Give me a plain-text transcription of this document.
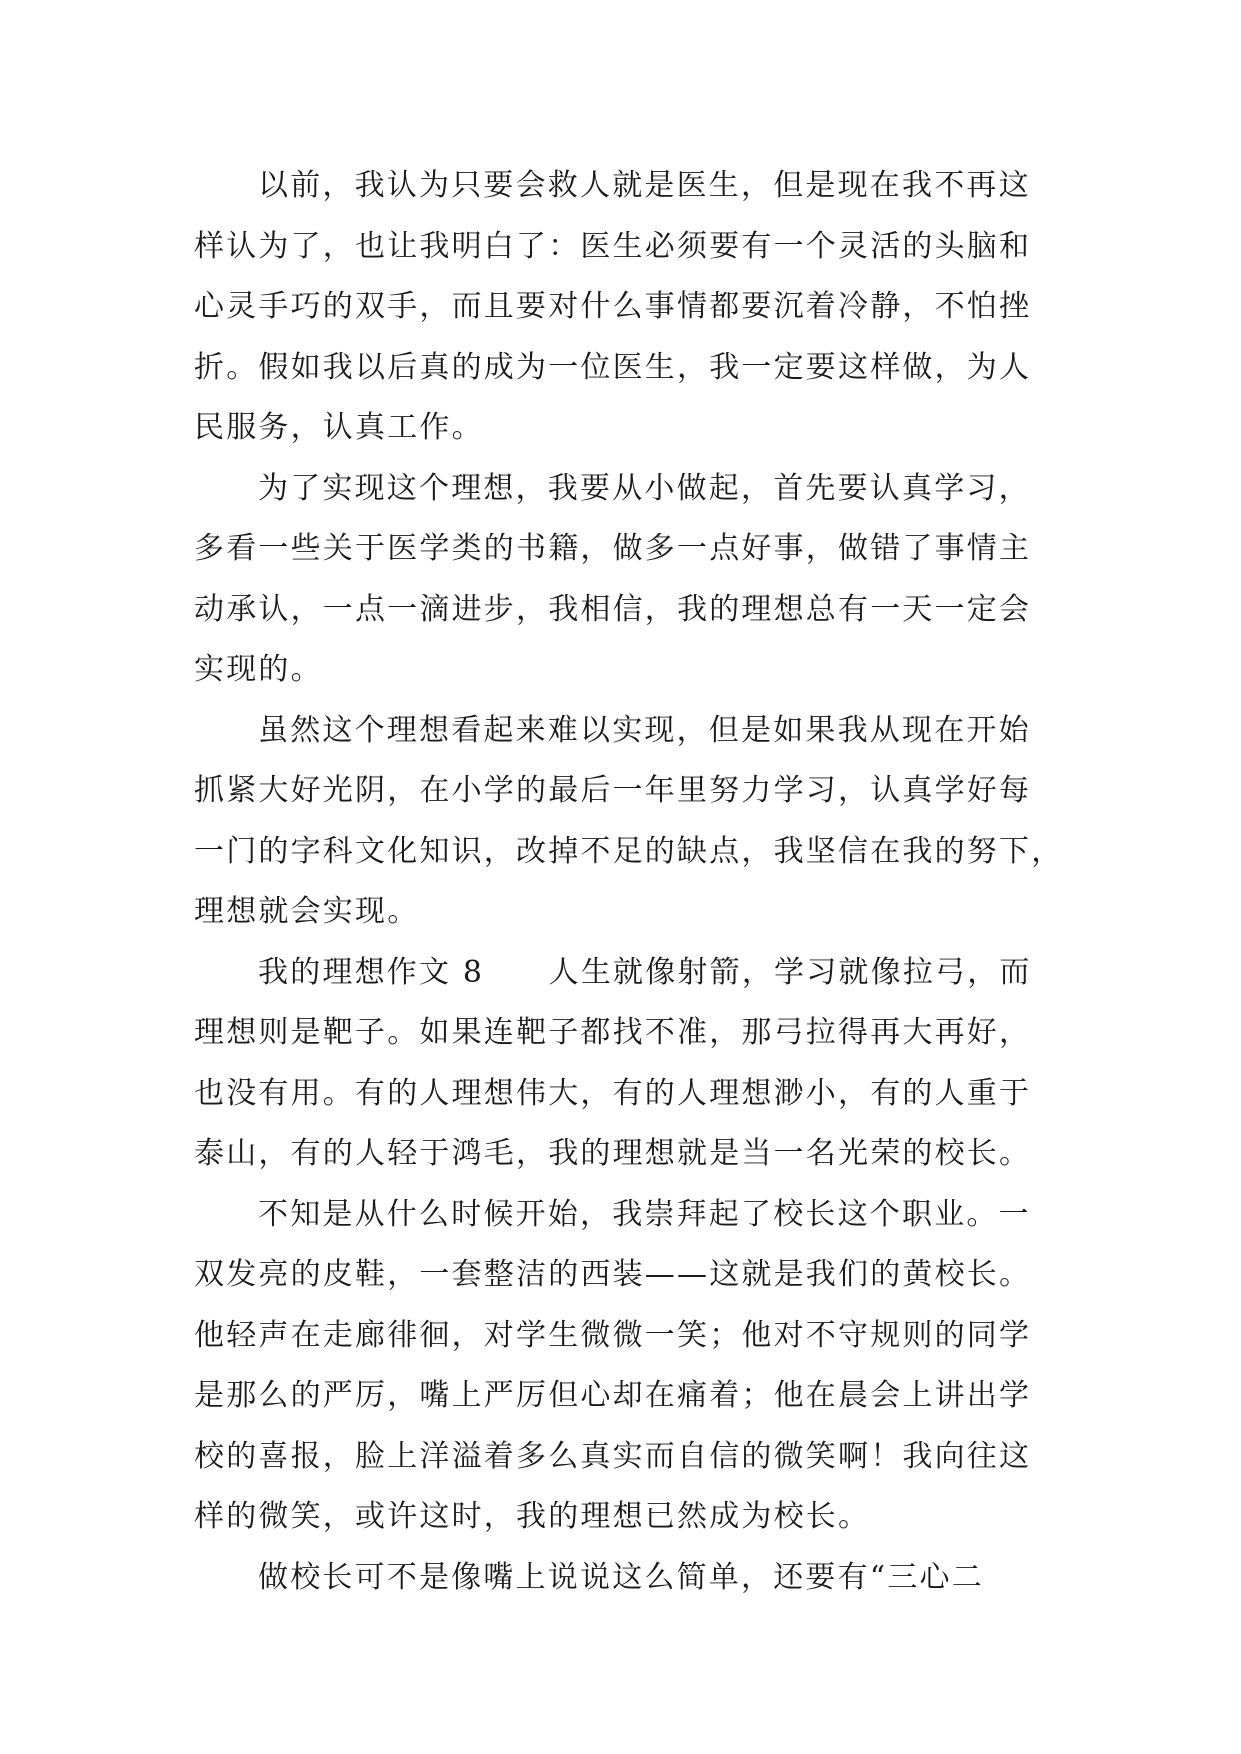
以前，我认为只要会救人就是医生，但是现在我不再这
样认为了，也让我明白了：医生必须要有一个灵活的头脑和
心灵手巧的双手，而且要对什么事情都要沉着冷静，不怕挫
折。假如我以后真的成为一位医生，我一定要这样做，为人
民服务，认真工作。
为了实现这个理想，我要从小做起，首先要认真学习，
多看一些关于医学类的书籍，做多一点好事，做错了事情主
动承认，一点一滴进步，我相信，我的理想总有一天一定会
实现的。
虽然这个理想看起来难以实现，但是如果我从现在开始
抓紧大好光阴，在小学的最后一年里努力学习，认真学好每
一门的字科文化知识，改掉不足的缺点，我坚信在我的努下，
理想就会实现。
我的理想作文 8　　人生就像射箭，学习就像拉弓，而
理想则是靶子。如果连靶子都找不准，那弓拉得再大再好，
也没有用。有的人理想伟大，有的人理想渺小，有的人重于
泰山，有的人轻于鸿毛，我的理想就是当一名光荣的校长。
不知是从什么时候开始，我崇拜起了校长这个职业。一
双发亮的皮鞋，一套整洁的西装——这就是我们的黄校长。
他轻声在走廊徘徊，对学生微微一笑；他对不守规则的同学
是那么的严厉，嘴上严厉但心却在痛着；他在晨会上讲出学
校的喜报，脸上洋溢着多么真实而自信的微笑啊！我向往这
样的微笑，或许这时，我的理想已然成为校长。
做校长可不是像嘴上说说这么简单，还要有“三心二
